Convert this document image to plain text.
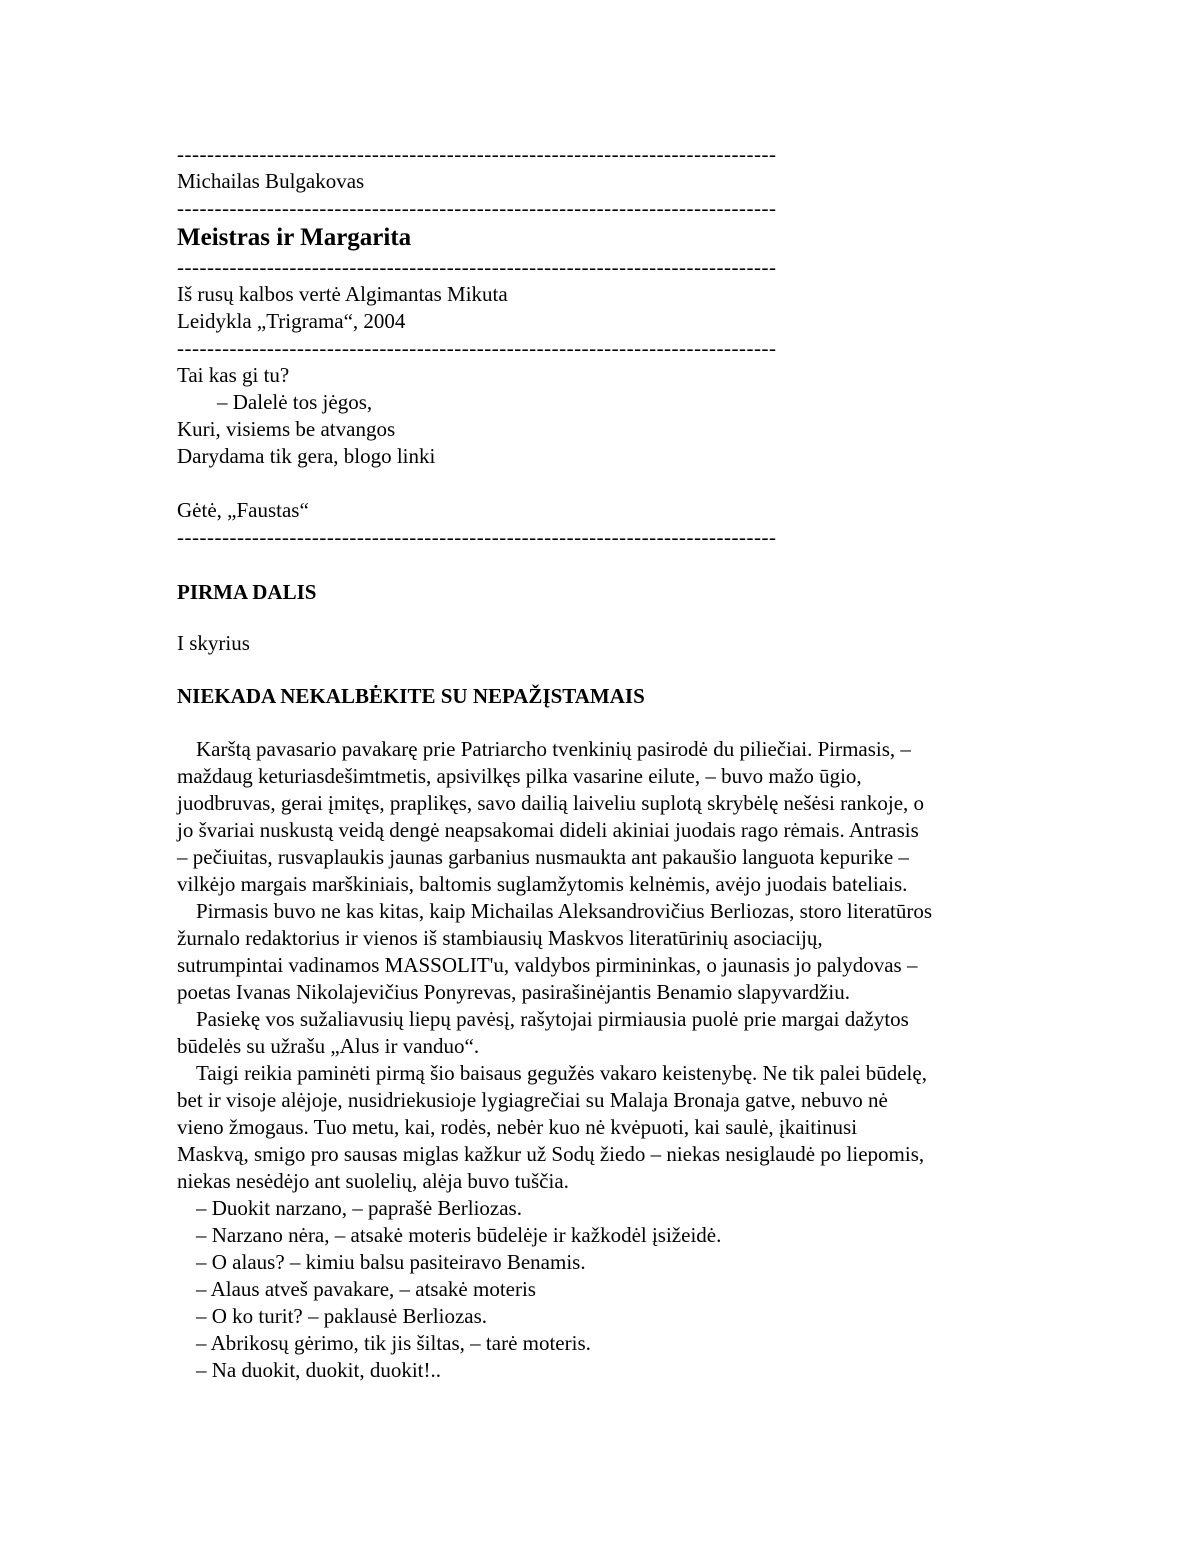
--------------------------------------------------------------------------------
Michailas Bulgakovas
--------------------------------------------------------------------------------
Meistras ir Margarita
--------------------------------------------------------------------------------
Iš rusų kalbos vertė Algimantas Mikuta
Leidykla „Trigrama“, 2004
--------------------------------------------------------------------------------
Tai kas gi tu?
– Dalelė tos jėgos,
Kuri, visiems be atvangos
Darydama tik gera, blogo linki
Gėtė, „Faustas“
--------------------------------------------------------------------------------
PIRMA DALIS
I skyrius
NIEKADA NEKALBĖKITE SU NEPAŽĮSTAMAIS
Karštą pavasario pavakarę prie Patriarcho tvenkinių pasirodė du piliečiai. Pirmasis, –
maždaug keturiasdešimtmetis, apsivilkęs pilka vasarine eilute, – buvo mažo ūgio,
juodbruvas, gerai įmitęs, praplikęs, savo dailią laiveliu suplotą skrybėlę nešėsi rankoje, o
jo švariai nuskustą veidą dengė neapsakomai dideli akiniai juodais rago rėmais. Antrasis
– pečiuitas, rusvaplaukis jaunas garbanius nusmaukta ant pakaušio languota kepurike –
vilkėjo margais marškiniais, baltomis suglamžytomis kelnėmis, avėjo juodais bateliais.
Pirmasis buvo ne kas kitas, kaip Michailas Aleksandrovičius Berliozas, storo literatūros
žurnalo redaktorius ir vienos iš stambiausių Maskvos literatūrinių asociacijų,
sutrumpintai vadinamos MASSOLIT'u, valdybos pirmininkas, o jaunasis jo palydovas –
poetas Ivanas Nikolajevičius Ponyrevas, pasirašinėjantis Benamio slapyvardžiu.
Pasiekę vos sužaliavusių liepų pavėsį, rašytojai pirmiausia puolė prie margai dažytos
būdelės su užrašu „Alus ir vanduo“.
Taigi reikia paminėti pirmą šio baisaus gegužės vakaro keistenybę. Ne tik palei būdelę,
bet ir visoje alėjoje, nusidriekusioje lygiagrečiai su Malaja Bronaja gatve, nebuvo nė
vieno žmogaus. Tuo metu, kai, rodės, nebėr kuo nė kvėpuoti, kai saulė, įkaitinusi
Maskvą, smigo pro sausas miglas kažkur už Sodų žiedo – niekas nesiglaudė po liepomis,
niekas nesėdėjo ant suolelių, alėja buvo tuščia.
– Duokit narzano, – paprašė Berliozas.
– Narzano nėra, – atsakė moteris būdelėje ir kažkodėl įsižeidė.
– O alaus? – kimiu balsu pasiteiravo Benamis.
– Alaus atveš pavakare, – atsakė moteris
– O ko turit? – paklausė Berliozas.
– Abrikosų gėrimo, tik jis šiltas, – tarė moteris.
– Na duokit, duokit, duokit!..
